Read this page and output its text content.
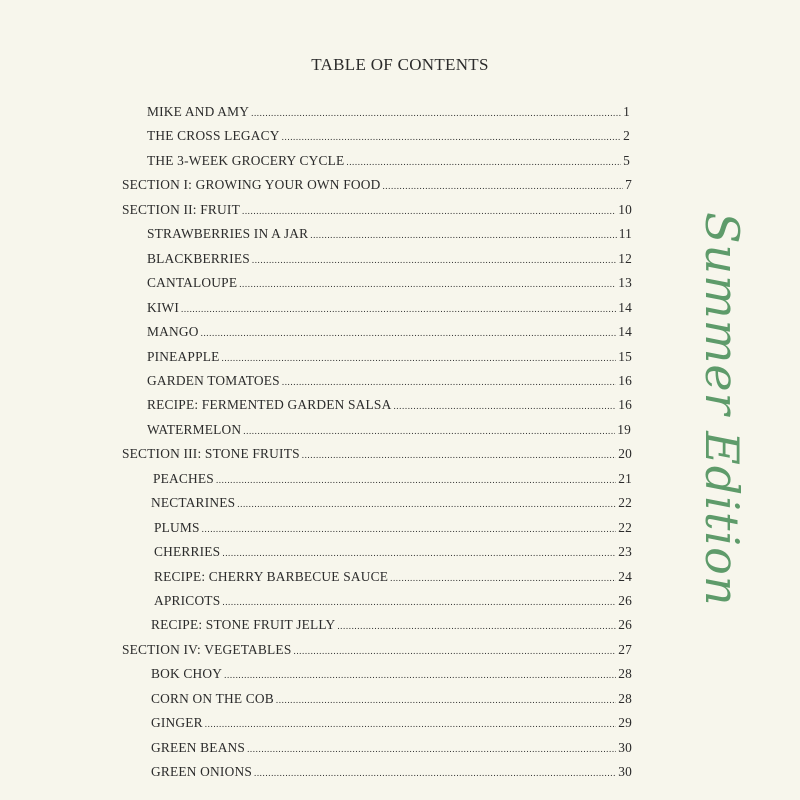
TABLE OF CONTENTS
MIKE AND AMY .....	1
THE CROSS LEGACY .....	2
THE 3-WEEK GROCERY CYCLE .....	5
SECTION I: GROWING YOUR OWN FOOD .....	7
SECTION II: FRUIT .....	10
STRAWBERRIES IN A JAR .....	11
BLACKBERRIES .....	12
CANTALOUPE .....	13
KIWI .....	14
MANGO .....	14
PINEAPPLE .....	15
GARDEN TOMATOES .....	16
RECIPE: FERMENTED GARDEN SALSA .....	16
WATERMELON .....	19
SECTION III: STONE FRUITS .....	20
PEACHES .....	21
NECTARINES .....	22
PLUMS .....	22
CHERRIES .....	23
RECIPE: CHERRY BARBECUE SAUCE .....	24
APRICOTS .....	26
RECIPE: STONE FRUIT JELLY .....	26
SECTION IV: VEGETABLES .....	27
BOK CHOY .....	28
CORN ON THE COB .....	28
GINGER .....	29
GREEN BEANS .....	30
GREEN ONIONS .....	30
Summer Edition
